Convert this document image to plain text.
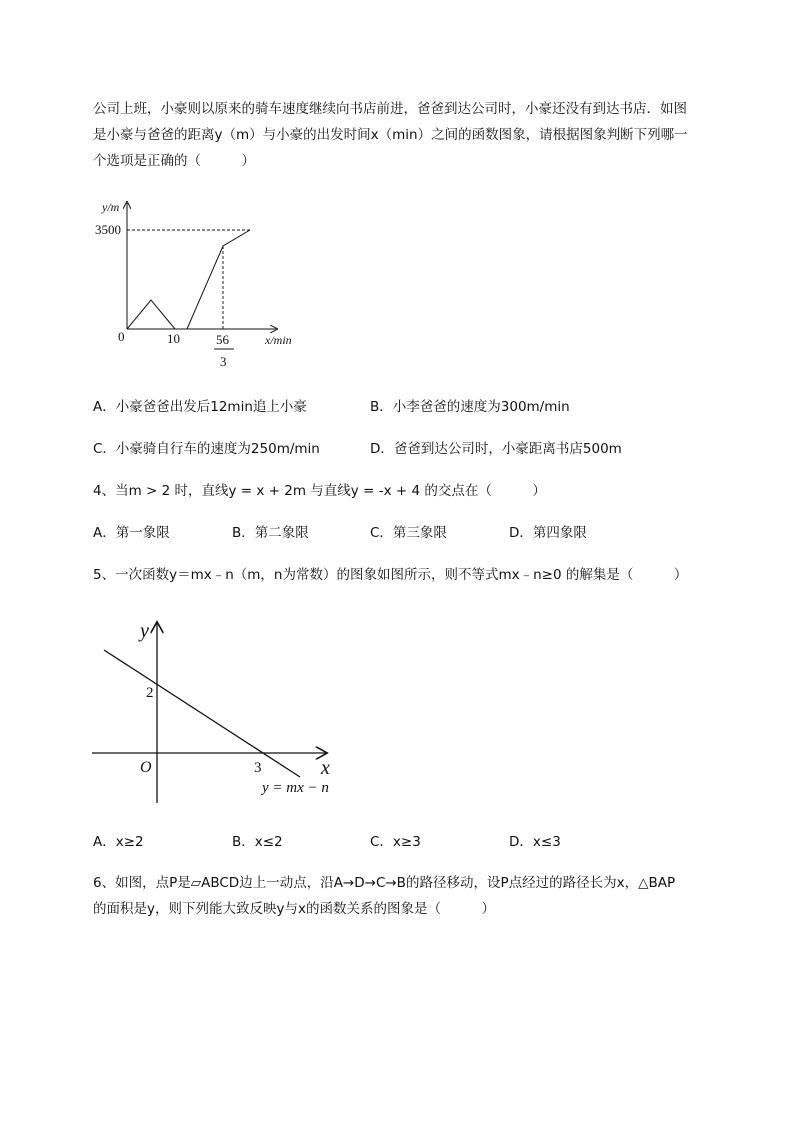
公司上班，小豪则以原来的骑车速度继续向书店前进，爸爸到达公司时，小豪还没有到达书店．如图
是小豪与爸爸的距离y（m）与小豪的出发时间x（min）之间的函数图象，请根据图象判断下列哪一
个选项是正确的（　　　）
y/m
3500
0	10	56
3
x/min
A．小豪爸爸出发后12min追上小豪	B．小李爸爸的速度为300m/min
C．小豪骑自行车的速度为250m/min	D．爸爸到达公司时，小豪距离书店500m
4、当m > 2 时，直线y = x + 2m 与直线y = -x + 4 的交点在（　　　）
A．第一象限	B．第二象限	C．第三象限	D．第四象限
5、一次函数y＝mx﹣n（m，n为常数）的图象如图所示，则不等式mx﹣n≥0 的解集是（　　　）
y
x
O
2
3
y = mx − n
A．x≥2	B．x≤2	C．x≥3	D．x≤3
6、如图，点P是▱ABCD边上一动点，沿A→D→C→B的路径移动，设P点经过的路径长为x，△BAP
的面积是y，则下列能大致反映y与x的函数关系的图象是（　　　）
